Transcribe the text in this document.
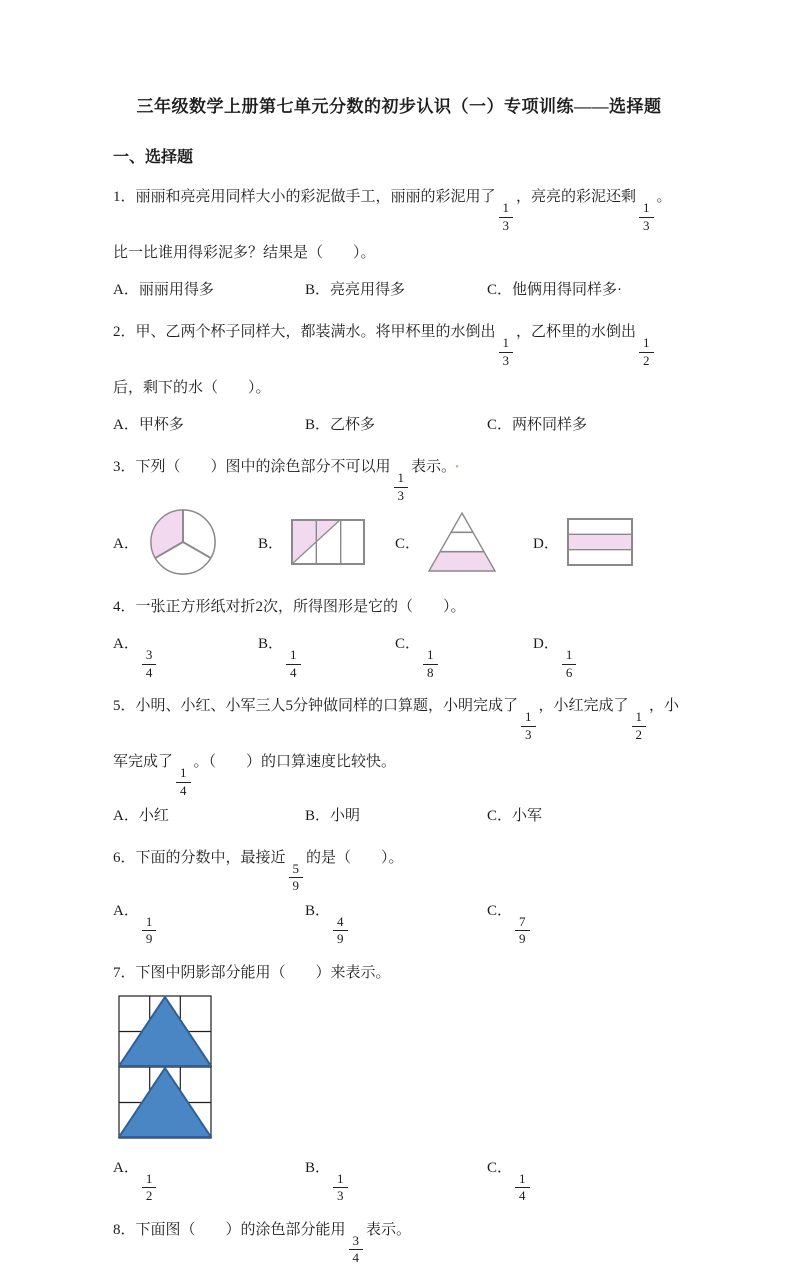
三年级数学上册第七单元分数的初步认识（一）专项训练——选择题
一、选择题

1．丽丽和亮亮用同样大小的彩泥做手工，丽丽的彩泥用了
$\frac{1}{3}$
，亮亮的彩泥还剩
$\frac{1}{3}$
。比一比谁用得彩泥多？结果是（　　）。

A．丽丽用得多	B．亮亮用得多	C．他俩用得同样多·

2．甲、乙两个杯子同样大，都装满水。将甲杯里的水倒出
$\frac{1}{3}$
，乙杯里的水倒出
$\frac{1}{2}$
后，剩下的水（　　）。

A．甲杯多	B．乙杯多	C．两杯同样多

3．下列（　　）图中的涂色部分不可以用
$\frac{1}{3}$
表示。 ·

A．	B．	C．	D．

4．一张正方形纸对折2次，所得图形是它的（　　）。

A．
$\frac{3}{4}$
B．
$\frac{1}{4}$
C．
$\frac{1}{8}$
D．
$\frac{1}{6}$

5．小明、小红、小军三人5分钟做同样的口算题，小明完成了
$\frac{1}{3}$
，小红完成了
$\frac{1}{2}$
，小军完成了
$\frac{1}{4}$
。（　　）的口算速度比较快。

A．小红	B．小明	C．小军

6．下面的分数中，最接近
$\frac{5}{9}$
的是（　　）。

A．
$\frac{1}{9}$
B．
$\frac{4}{9}$
C．
$\frac{7}{9}$

7．下图中阴影部分能用（　　）来表示。

A．
$\frac{1}{2}$
B．
$\frac{1}{3}$
C．
$\frac{1}{4}$

8．下面图（　　）的涂色部分能用
$\frac{3}{4}$
表示。
